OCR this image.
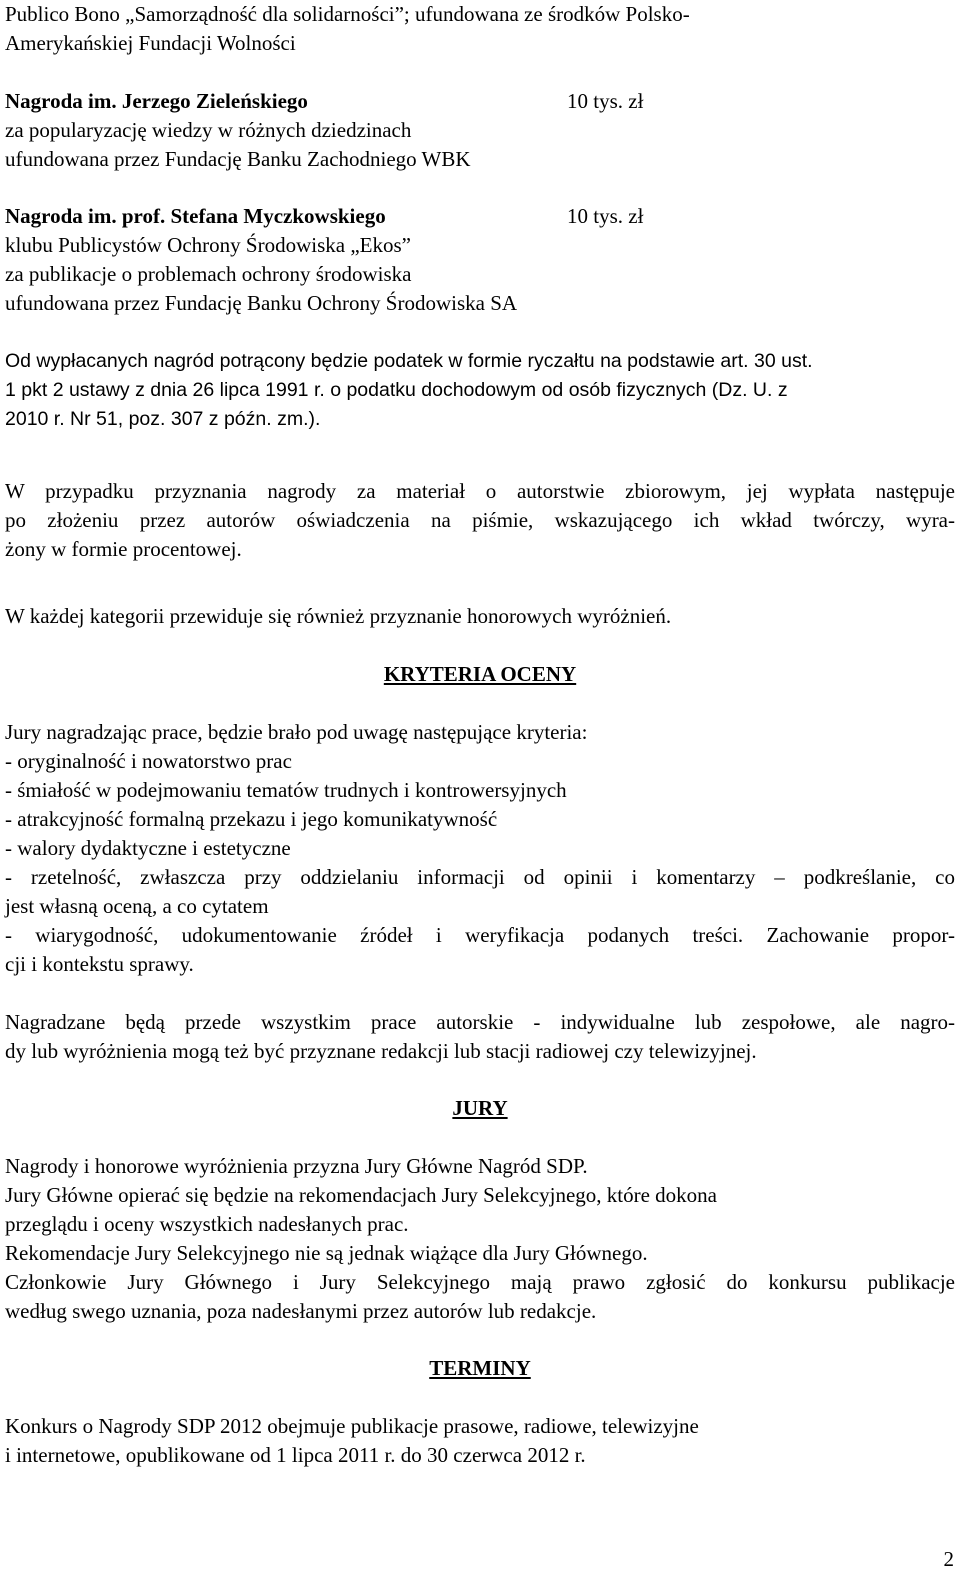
Publico Bono „Samorządność dla solidarności”; ufundowana ze środków Polsko-
Amerykańskiej Fundacji Wolności
Nagroda im. Jerzego Zieleńskiego	10 tys. zł
za popularyzację wiedzy w różnych dziedzinach
ufundowana przez Fundację Banku Zachodniego WBK
Nagroda im. prof. Stefana Myczkowskiego	10 tys. zł
klubu Publicystów Ochrony Środowiska „Ekos”
za publikacje o problemach ochrony środowiska
ufundowana przez Fundację Banku Ochrony Środowiska SA
Od wypłacanych nagród potrącony będzie podatek w formie ryczałtu na podstawie art. 30 ust.
1 pkt 2 ustawy z dnia 26 lipca 1991 r. o podatku dochodowym od osób fizycznych (Dz. U. z
2010 r. Nr 51, poz. 307 z późn. zm.).
W przypadku przyznania nagrody za materiał o autorstwie zbiorowym, jej wypłata następuje
po złożeniu przez autorów oświadczenia na piśmie, wskazującego ich wkład twórczy, wyra-
żony w formie procentowej.
W każdej kategorii przewiduje się również przyznanie honorowych wyróżnień.
KRYTERIA OCENY
Jury nagradzając prace, będzie brało pod uwagę następujące kryteria:
- oryginalność i nowatorstwo prac
- śmiałość w podejmowaniu tematów trudnych i kontrowersyjnych
- atrakcyjność formalną przekazu i jego komunikatywność
- walory dydaktyczne i estetyczne
- rzetelność, zwłaszcza przy oddzielaniu informacji od opinii i komentarzy – podkreślanie, co
jest własną oceną, a co cytatem
- wiarygodność, udokumentowanie źródeł i weryfikacja podanych treści. Zachowanie propor-
cji i kontekstu sprawy.
Nagradzane będą przede wszystkim prace autorskie - indywidualne lub zespołowe, ale nagro-
dy lub wyróżnienia mogą też być przyznane redakcji lub stacji radiowej czy telewizyjnej.
JURY
Nagrody i honorowe wyróżnienia przyzna Jury Główne Nagród SDP.
Jury Główne opierać się będzie na rekomendacjach Jury Selekcyjnego, które dokona
przeglądu i oceny wszystkich nadesłanych prac.
Rekomendacje Jury Selekcyjnego nie są jednak wiążące dla Jury Głównego.
Członkowie Jury Głównego i Jury Selekcyjnego mają prawo zgłosić do konkursu publikacje
według swego uznania, poza nadesłanymi przez autorów lub redakcje.
TERMINY
Konkurs o Nagrody SDP 2012 obejmuje publikacje prasowe, radiowe, telewizyjne
i internetowe, opublikowane od 1 lipca 2011 r. do 30 czerwca 2012 r.
2
